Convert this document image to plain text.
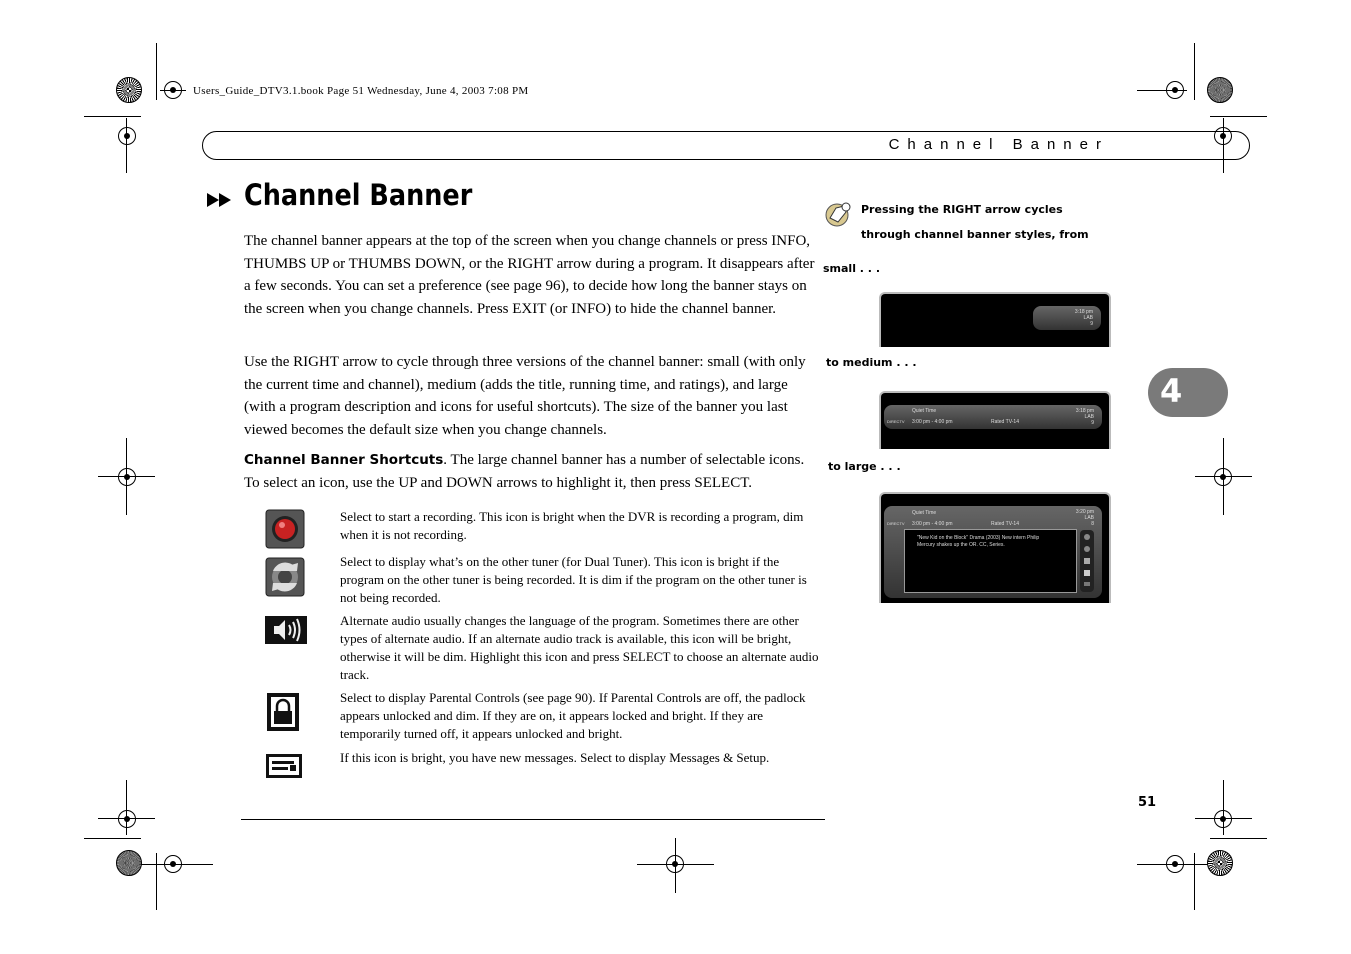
Users_Guide_DTV3.1.book Page 51 Wednesday, June 4, 2003 7:08 PM
Channel Banner
Channel Banner
The channel banner appears at the top of the screen when you change channels or press INFO, THUMBS UP or THUMBS DOWN, or the RIGHT arrow during a program. It disappears after a few seconds. You can set a preference (see page 96), to decide how long the banner stays on the screen when you change channels. Press EXIT (or INFO) to hide the channel banner.
Use the RIGHT arrow to cycle through three versions of the channel banner: small (with only the current time and channel), medium (adds the title, running time, and ratings), and large (with a program description and icons for useful shortcuts). The size of the banner you last viewed becomes the default size when you change channels.
Channel Banner Shortcuts. The large channel banner has a number of selectable icons. To select an icon, use the UP and DOWN arrows to highlight it, then press SELECT.
Select to start a recording. This icon is bright when the DVR is recording a program, dim when it is not recording.
Select to display what’s on the other tuner (for Dual Tuner). This icon is bright if the program on the other tuner is being recorded. It is dim if the program on the other tuner is not being recorded.
Alternate audio usually changes the language of the program. Sometimes there are other types of alternate audio. If an alternate audio track is available, this icon will be bright, otherwise it will be dim. Highlight this icon and press SELECT to choose an alternate audio track.
Select to display Parental Controls (see page 90). If Parental Controls are off, the padlock appears unlocked and dim. If they are on, it appears locked and bright. If they are temporarily turned off, it appears unlocked and bright.
If this icon is bright, you have new messages. Select to display Messages & Setup.
Pressing the RIGHT arrow cycles through channel banner styles, from
small . . .
3:18 pm
LAB
9
to medium . . .
DIRECTV
Quiet Time
3:00 pm - 4:00 pm	Rated TV-14
3:18 pm
LAB
9
to large . . .
DIRECTV
Quiet Time
3:00 pm - 4:00 pm	Rated TV-14
3:20 pm
LAB
8
"New Kid on the Block" Drama (2003) New intern Philip Mercury shakes up the OR. CC, Series.
4
51
